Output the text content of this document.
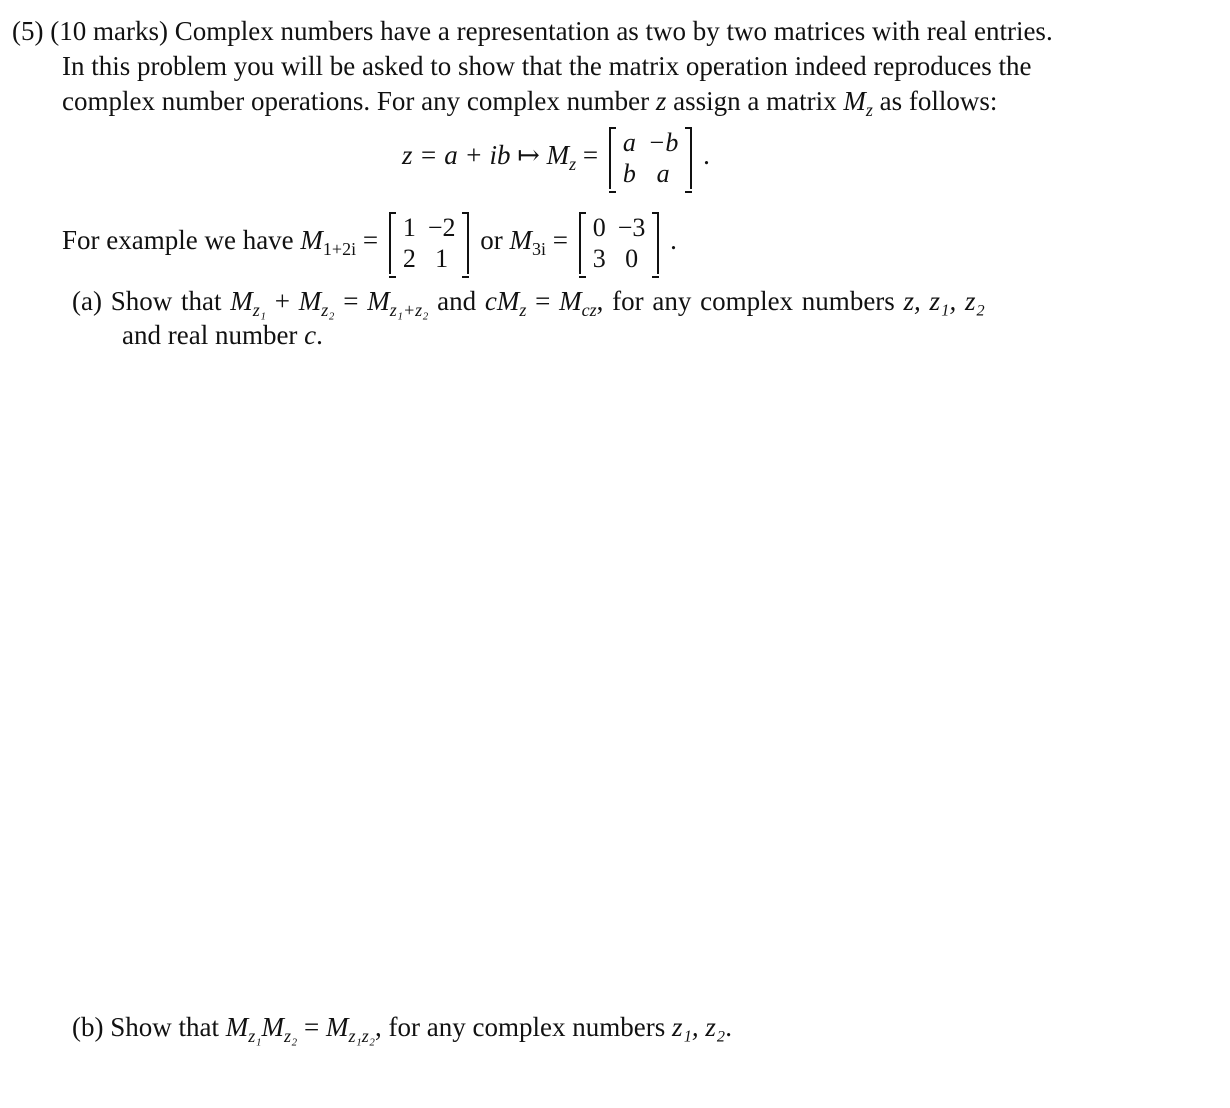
(5) (10 marks) Complex numbers have a representation as two by two matrices with real entries.
In this problem you will be asked to show that the matrix operation indeed reproduces the
complex number operations. For any complex number z assign a matrix $M_z$ as follows:
z = a + ib ↦ $M_z = a$	−b
b	a
.
For example we have $M_{1+2i} = 1$	−2
2	1
or $M_{3i} = 0$	−3
3	0
.
(a) Show that $M_{z_1} + M_{z_2} = M_{z_1+z_2}$ and $cM_z = M_{cz}$, for any complex numbers z, z₁, z₂
and real number c.
(b) Show that $M_{z_1}M_{z_2} = M_{z_1z_2}$, for any complex numbers z₁, z₂.
